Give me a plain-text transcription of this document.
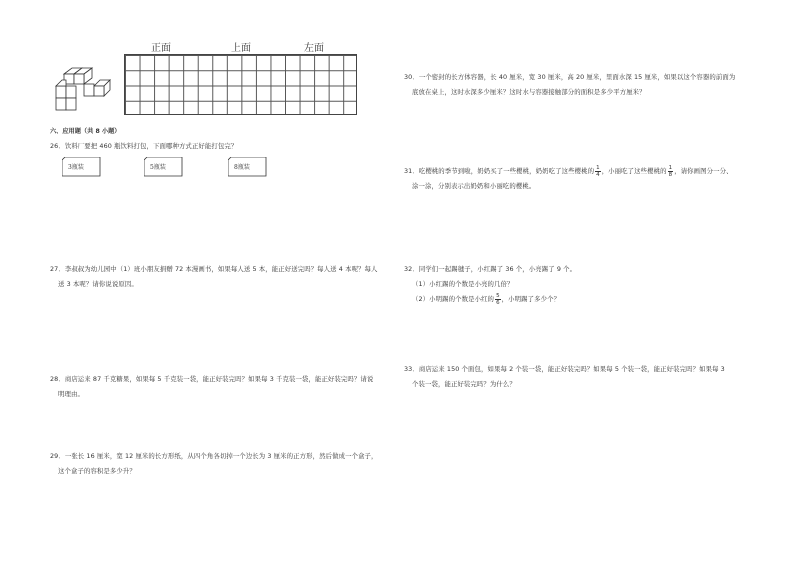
正面	上面	左面
六、应用题（共 8 小题）
26．饮料厂要把 460 瓶饮料打包，下面哪种方式正好能打包完？
3瓶装	5瓶装	8瓶装
27．李叔叔为幼儿园中（1）班小朋友捐赠 72 本漫画书，如果每人送 5 本，能正好送完吗？每人送 4 本呢？每人
送 3 本呢？请你说说原因。
28．商店运来 87 千克糖果，如果每 5 千克装一袋，能正好装完吗？如果每 3 千克装一袋，能正好装完吗？请说
明理由。
29．一张长 16 厘米，宽 12 厘米的长方形纸，从四个角各切掉一个边长为 3 厘米的正方形，然后做成一个盒子，
这个盒子的容积是多少升？
30．一个密封的长方体容器，长 40 厘米，宽 30 厘米，高 20 厘米，里面水深 15 厘米，如果以这个容器的前面为
底放在桌上，这时水深多少厘米？这时水与容器接触部分的面积是多少平方厘米？
31．吃樱桃的季节到啦，奶奶买了一些樱桃，奶奶吃了这些樱桃的 $\frac{1}{4}$ ，小丽吃了这些樱桃的 $\frac{1}{8}$ ，请你画图分一分、
涂一涂，分别表示出奶奶和小丽吃的樱桃。
32．同学们一起踢毽子，小红踢了 36 个，小亮踢了 9 个。
（1）小红踢的个数是小亮的几倍？
（2）小明踢的个数是小红的 $\frac{5}{6}$ ，小明踢了多少个？
33．商店运来 150 个面包，如果每 2 个装一袋，能正好装完吗？如果每 5 个装一袋，能正好装完吗？如果每 3
个装一袋，能正好装完吗？为什么？
